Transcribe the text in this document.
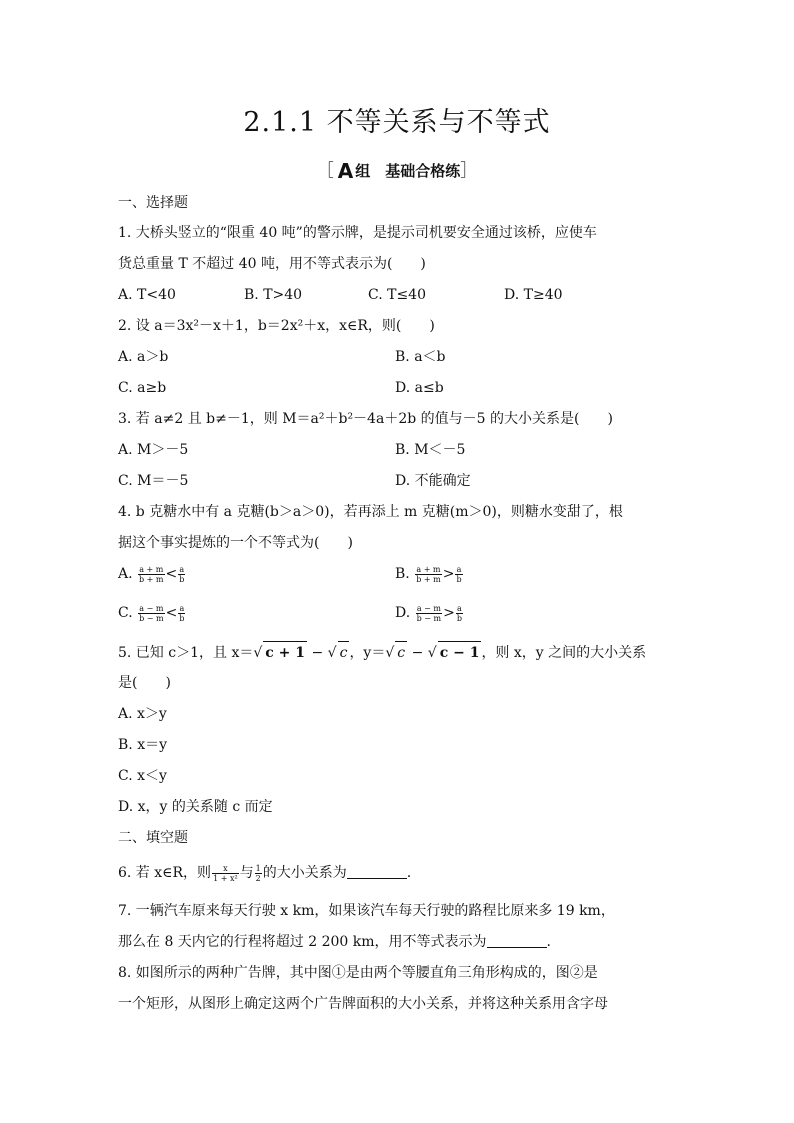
2.1.1 不等关系与不等式
［ A 组　基础合格练］
一、选择题
1. 大桥头竖立的“限重 40 吨”的警示牌，是提示司机要安全通过该桥，应使车
货总重量 T 不超过 40 吨，用不等式表示为(　　)
A. T<40	B. T>40	C. T≤40	D. T≥40
2. 设 a＝3x²－x＋1，b＝2x²＋x，x∈R，则(　　)
A. a＞b	B. a＜b
C. a≥b	D. a≤b
3. 若 a≠2 且 b≠－1，则 M＝a²＋b²－4a＋2b 的值与－5 的大小关系是(　　)
A. M＞－5	B. M＜－5
C. M＝－5	D. 不能确定
4. b 克糖水中有 a 克糖(b＞a＞0)，若再添上 m 克糖(m＞0)，则糖水变甜了，根
据这个事实提炼的一个不等式为(　　)
A. $\frac{a + m}{b + m} < \frac{a}{b}$	B. $\frac{a + m}{b + m} > \frac{a}{b}$
C. $\frac{a - m}{b - m} < \frac{a}{b}$	D. $\frac{a - m}{b - m} > \frac{a}{b}$
5. 已知 c＞1，且 x＝√ c + 1 − √ c ，y＝√ c − √ c − 1 ，则 x，y 之间的大小关系
是(　　)
A. x＞y
B. x＝y
C. x＜y
D. x，y 的关系随 c 而定
二、填空题
6. 若 x∈R，则 $\frac{x}{\text{1 + x²}}$ 与 $\frac{1}{2}$ 的大小关系为	.
7. 一辆汽车原来每天行驶 x km，如果该汽车每天行驶的路程比原来多 19 km，
那么在 8 天内它的行程将超过 2 200 km，用不等式表示为	.
8. 如图所示的两种广告牌，其中图①是由两个等腰直角三角形构成的，图②是
一个矩形，从图形上确定这两个广告牌面积的大小关系，并将这种关系用含字母
